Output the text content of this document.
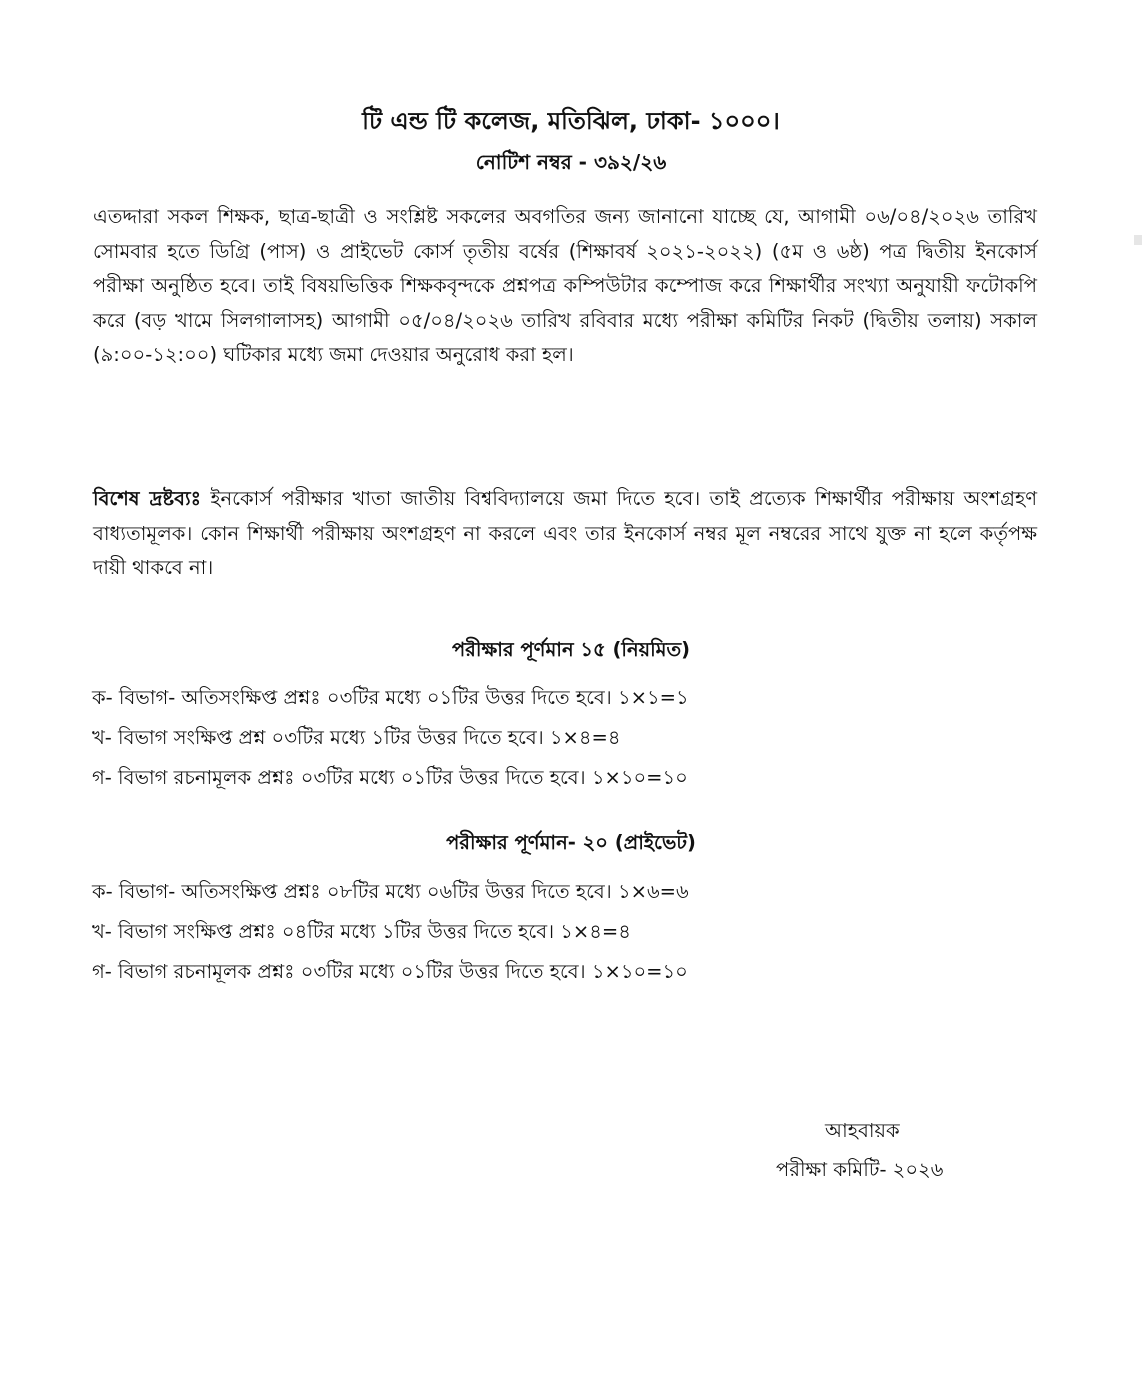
টি এন্ড টি কলেজ, মতিঝিল, ঢাকা- ১০০০।
নোটিশ নম্বর - ৩৯২/২৬

এতদ্দারা সকল শিক্ষক, ছাত্র-ছাত্রী ও সংশ্লিষ্ট সকলের অবগতির জন্য জানানো যাচ্ছে যে, আগামী ০৬/০৪/২০২৬ তারিখ সোমবার হতে ডিগ্রি (পাস) ও প্রাইভেট কোর্স তৃতীয় বর্ষের (শিক্ষাবর্ষ ২০২১-২০২২) (৫ম ও ৬ষ্ঠ) পত্র দ্বিতীয় ইনকোর্স পরীক্ষা অনুষ্ঠিত হবে। তাই বিষয়ভিত্তিক শিক্ষকবৃন্দকে প্রশ্নপত্র কম্পিউটার কম্পোজ করে শিক্ষার্থীর সংখ্যা অনুযায়ী ফটোকপি করে (বড় খামে সিলগালাসহ) আগামী ০৫/০৪/২০২৬ তারিখ রবিবার মধ্যে পরীক্ষা কমিটির নিকট (দ্বিতীয় তলায়) সকাল (৯:০০-১২:০০) ঘটিকার মধ্যে জমা দেওয়ার অনুরোধ করা হল।

বিশেষ দ্রষ্টব্যঃ ইনকোর্স পরীক্ষার খাতা জাতীয় বিশ্ববিদ্যালয়ে জমা দিতে হবে। তাই প্রত্যেক শিক্ষার্থীর পরীক্ষায় অংশগ্রহণ বাধ্যতামূলক। কোন শিক্ষার্থী পরীক্ষায় অংশগ্রহণ না করলে এবং তার ইনকোর্স নম্বর মূল নম্বরের সাথে যুক্ত না হলে কর্তৃপক্ষ দায়ী থাকবে না।

পরীক্ষার পূর্ণমান ১৫ (নিয়মিত)
ক- বিভাগ- অতিসংক্ষিপ্ত প্রশ্নঃ ০৩টির মধ্যে ০১টির উত্তর দিতে হবে। ১×১=১
খ- বিভাগ সংক্ষিপ্ত প্রশ্ন ০৩টির মধ্যে ১টির উত্তর দিতে হবে। ১×৪=৪
গ- বিভাগ রচনামূলক প্রশ্নঃ ০৩টির মধ্যে ০১টির উত্তর দিতে হবে। ১×১০=১০
পরীক্ষার পূর্ণমান- ২০ (প্রাইভেট)
ক- বিভাগ- অতিসংক্ষিপ্ত প্রশ্নঃ ০৮টির মধ্যে ০৬টির উত্তর দিতে হবে। ১×৬=৬
খ- বিভাগ সংক্ষিপ্ত প্রশ্নঃ ০৪টির মধ্যে ১টির উত্তর দিতে হবে। ১×৪=৪
গ- বিভাগ রচনামূলক প্রশ্নঃ ০৩টির মধ্যে ০১টির উত্তর দিতে হবে। ১×১০=১০
আহবায়ক
পরীক্ষা কমিটি- ২০২৬
